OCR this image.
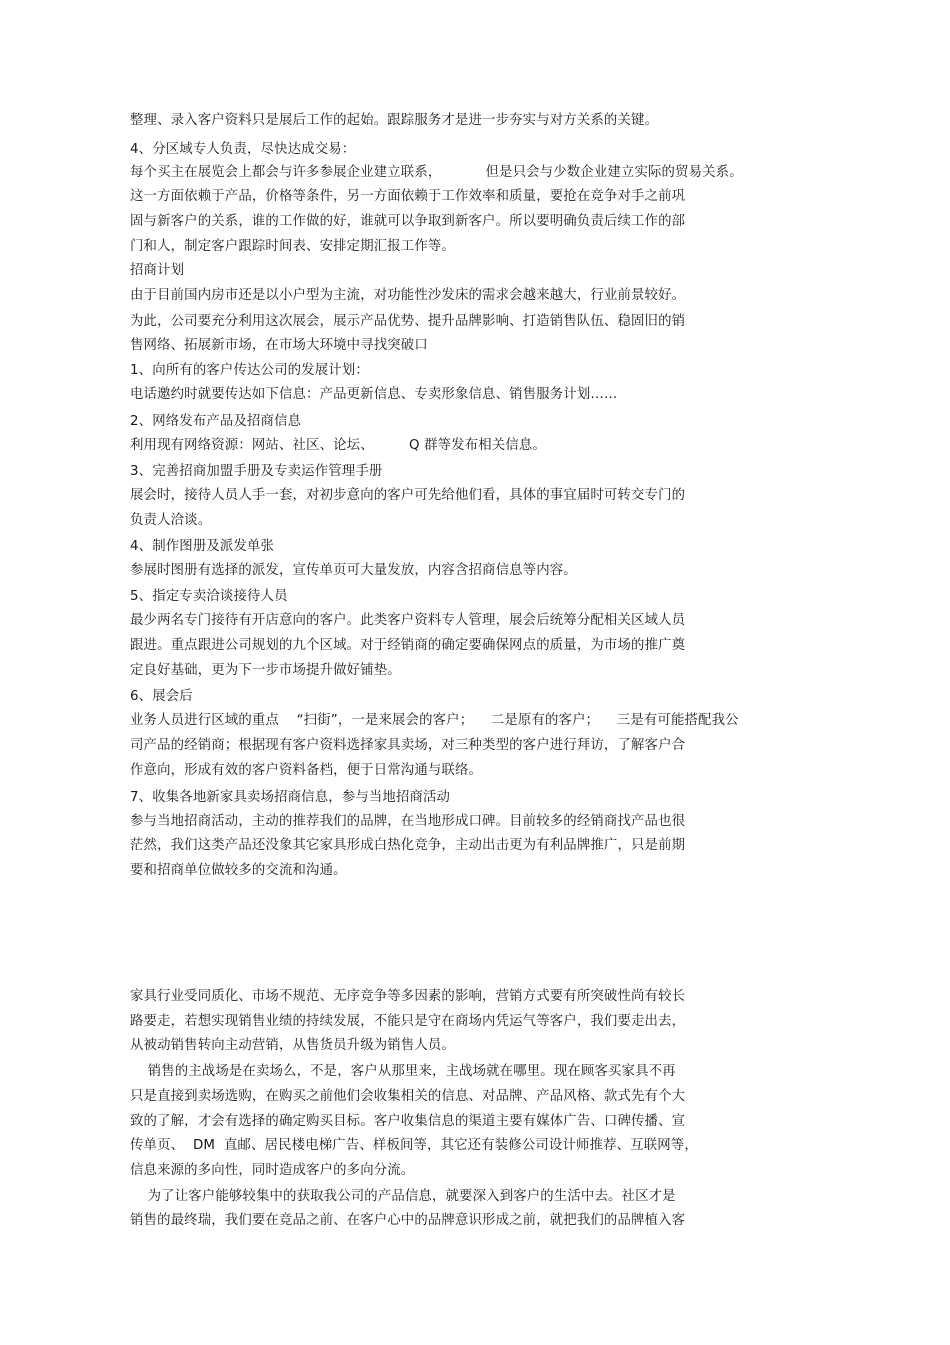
整理、录入客户资料只是展后工作的起始。跟踪服务才是进一步夯实与对方关系的关键。

4、分区域专人负责，尽快达成交易：

每个买主在展览会上都会与许多参展企业建立联系，          但是只会与少数企业建立实际的贸易关系。

这一方面依赖于产品，价格等条件，另一方面依赖于工作效率和质量，要抢在竞争对手之前巩

固与新客户的关系，谁的工作做的好，谁就可以争取到新客户。所以要明确负责后续工作的部

门和人，制定客户跟踪时间表、安排定期汇报工作等。

招商计划

由于目前国内房市还是以小户型为主流，对功能性沙发床的需求会越来越大，行业前景较好。

为此，公司要充分利用这次展会，展示产品优势、提升品牌影响、打造销售队伍、稳固旧的销

售网络、拓展新市场，在市场大环境中寻找突破口

1、向所有的客户传达公司的发展计划：

电话邀约时就要传达如下信息：产品更新信息、专卖形象信息、销售服务计划……

2、网络发布产品及招商信息

利用现有网络资源：网站、社区、论坛、        Q 群等发布相关信息。

3、完善招商加盟手册及专卖运作管理手册

展会时，接待人员人手一套，对初步意向的客户可先给他们看，具体的事宜届时可转交专门的

负责人洽谈。

4、制作图册及派发单张

参展时图册有选择的派发，宣传单页可大量发放，内容含招商信息等内容。

5、指定专卖洽谈接待人员

最少两名专门接待有开店意向的客户。此类客户资料专人管理，展会后统筹分配相关区域人员

跟进。重点跟进公司规划的九个区域。对于经销商的确定要确保网点的质量，为市场的推广奠

定良好基础，更为下一步市场提升做好铺垫。

6、展会后

业务人员进行区域的重点    “扫街”，一是来展会的客户；    二是原有的客户；    三是有可能搭配我公

司产品的经销商；根据现有客户资料选择家具卖场，对三种类型的客户进行拜访，了解客户合

作意向，形成有效的客户资料备档，便于日常沟通与联络。

7、收集各地新家具卖场招商信息，参与当地招商活动

参与当地招商活动，主动的推荐我们的品牌，在当地形成口碑。目前较多的经销商找产品也很

茫然，我们这类产品还没象其它家具形成白热化竞争，主动出击更为有利品牌推广，只是前期

要和招商单位做较多的交流和沟通。

家具行业受同质化、市场不规范、无序竞争等多因素的影响，营销方式要有所突破性尚有较长

路要走，若想实现销售业绩的持续发展，不能只是守在商场内凭运气等客户，我们要走出去，

从被动销售转向主动营销，从售货员升级为销售人员。

销售的主战场是在卖场么，不是，客户从那里来，主战场就在哪里。现在顾客买家具不再

只是直接到卖场选购，在购买之前他们会收集相关的信息、对品牌、产品风格、款式先有个大

致的了解，才会有选择的确定购买目标。客户收集信息的渠道主要有媒体广告、口碑传播、宣

传单页、  DM  直邮、居民楼电梯广告、样板间等，其它还有装修公司设计师推荐、互联网等，

信息来源的多向性，同时造成客户的多向分流。

为了让客户能够较集中的获取我公司的产品信息，就要深入到客户的生活中去。社区才是

销售的最终瑞，我们要在竞品之前、在客户心中的品牌意识形成之前，就把我们的品牌植入客
